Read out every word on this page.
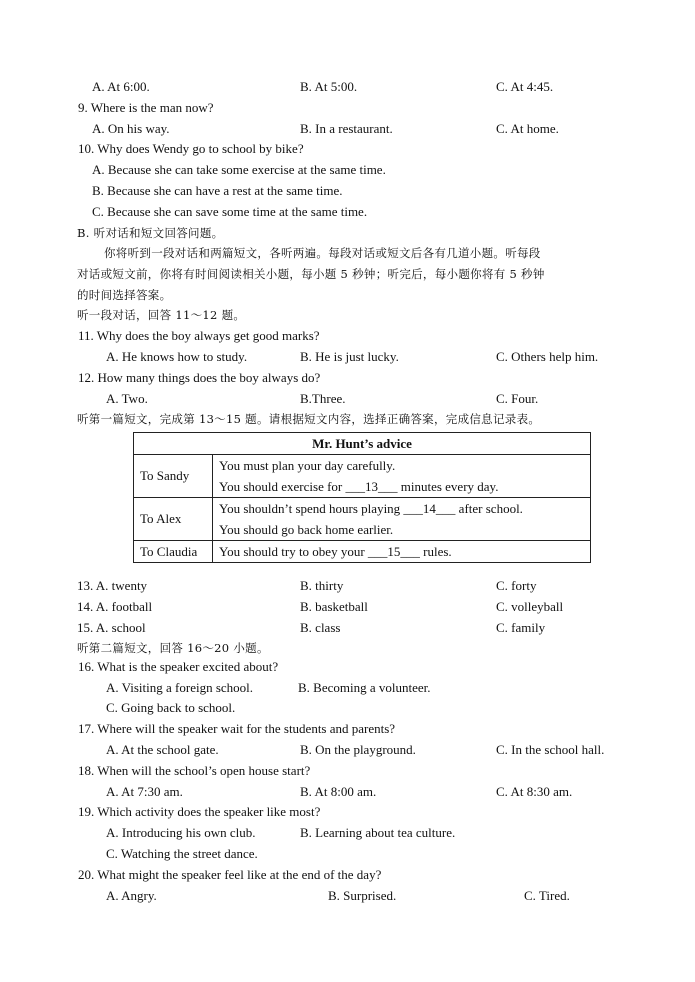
A. At 6:00.	B. At 5:00.	C. At 4:45.
9. Where is the man now?
A. On his way.	B. In a restaurant.	C. At home.
10. Why does Wendy go to school by bike?
A. Because she can take some exercise at the same time.
B. Because she can have a rest at the same time.
C. Because she can save some time at the same time.
B. 听对话和短文回答问题。
你将听到一段对话和两篇短文，各听两遍。每段对话或短文后各有几道小题。听每段
对话或短文前，你将有时间阅读相关小题，每小题 5 秒钟；听完后，每小题你将有 5 秒钟
的时间选择答案。
听一段对话，回答 11～12 题。
11. Why does the boy always get good marks?
A. He knows how to study.	B. He is just lucky.	C. Others help him.
12. How many things does the boy always do?
A. Two.	B.Three.	C. Four.
听第一篇短文，完成第 13～15 题。请根据短文内容，选择正确答案，完成信息记录表。
Mr. Hunt’s advice	
To Sandy	You must plan your day carefully.
You should exercise for ___13___ minutes every day.

To Alex	You shouldn’t spend hours playing ___14___ after school.
You should go back home earlier.

To Claudia	You should try to obey your ___15___ rules.
13. A. twenty	B. thirty	C. forty
14. A. football	B. basketball	C. volleyball
15. A. school	B. class	C. family
听第二篇短文，回答 16～20 小题。
16. What is the speaker excited about?
A. Visiting a foreign school.	B. Becoming a volunteer.
C. Going back to school.
17. Where will the speaker wait for the students and parents?
A. At the school gate.	B. On the playground.	C. In the school hall.
18. When will the school’s open house start?
A. At 7:30 am.	B. At 8:00 am.	C. At 8:30 am.
19. Which activity does the speaker like most?
A. Introducing his own club.	B. Learning about tea culture.
C. Watching the street dance.
20. What might the speaker feel like at the end of the day?
A. Angry.	B. Surprised.	C. Tired.
